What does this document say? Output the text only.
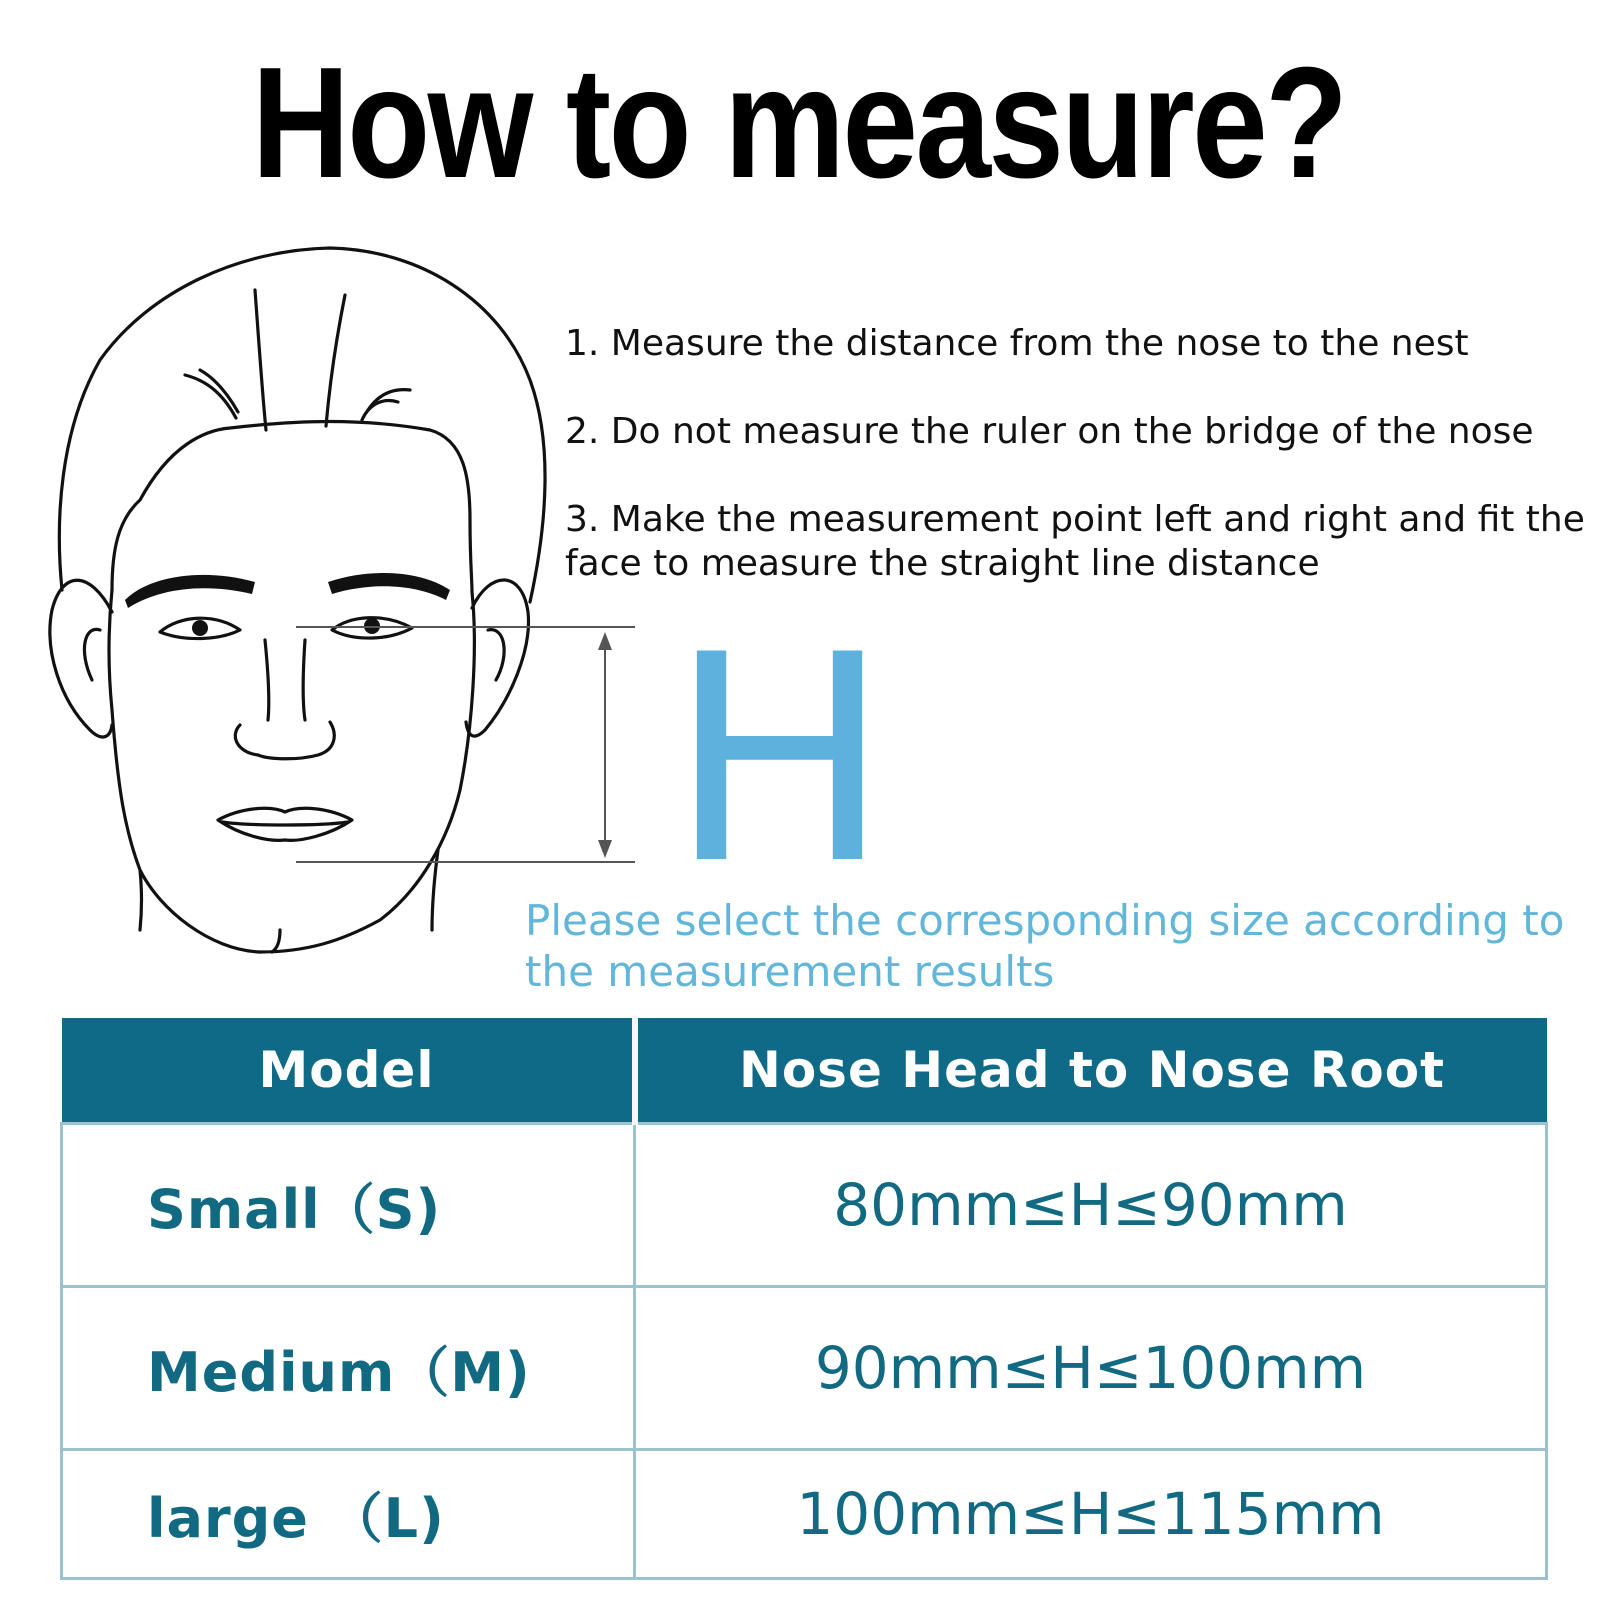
How to measure?
1. Measure the distance from the nose to the nest
2. Do not measure the ruler on the bridge of the nose
3. Make the measurement point left and right and fit the face to measure the straight line distance
H
Please select the corresponding size according to the measurement results
Model	Nose Head to Nose Root
Small（S)	80mm≤H≤90mm
Medium（M)	90mm≤H≤100mm
large （L)	100mm≤H≤115mm
